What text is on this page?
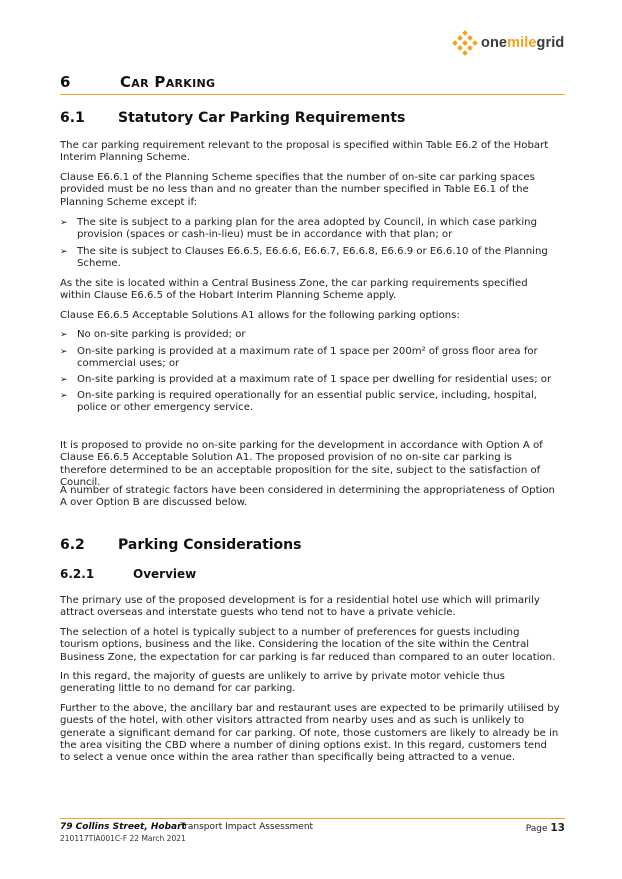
onemilegrid
6	Car Parking
6.1	Statutory Car Parking Requirements
The car parking requirement relevant to the proposal is specified within Table E6.2 of the Hobart Interim Planning Scheme.
Clause E6.6.1 of the Planning Scheme specifies that the number of on-site car parking spaces provided must be no less than and no greater than the number specified in Table E6.1 of the Planning Scheme except if:
➢ The site is subject to a parking plan for the area adopted by Council, in which case parking provision (spaces or cash-in-lieu) must be in accordance with that plan; or
➢ The site is subject to Clauses E6.6.5, E6.6.6, E6.6.7, E6.6.8, E6.6.9 or E6.6.10 of the Planning Scheme.
As the site is located within a Central Business Zone, the car parking requirements specified within Clause E6.6.5 of the Hobart Interim Planning Scheme apply.
Clause E6.6.5 Acceptable Solutions A1 allows for the following parking options:
➢ No on-site parking is provided; or
➢ On-site parking is provided at a maximum rate of 1 space per 200m² of gross floor area for commercial uses; or
➢ On-site parking is provided at a maximum rate of 1 space per dwelling for residential uses; or
➢ On-site parking is required operationally for an essential public service, including, hospital, police or other emergency service.
It is proposed to provide no on-site parking for the development in accordance with Option A of Clause E6.6.5 Acceptable Solution A1. The proposed provision of no on-site car parking is therefore determined to be an acceptable proposition for the site, subject to the satisfaction of Council.
A number of strategic factors have been considered in determining the appropriateness of Option A over Option B are discussed below.
6.2	Parking Considerations
6.2.1	Overview
The primary use of the proposed development is for a residential hotel use which will primarily attract overseas and interstate guests who tend not to have a private vehicle.
The selection of a hotel is typically subject to a number of preferences for guests including tourism options, business and the like. Considering the location of the site within the Central Business Zone, the expectation for car parking is far reduced than compared to an outer location.
In this regard, the majority of guests are unlikely to arrive by private motor vehicle thus generating little to no demand for car parking.
Further to the above, the ancillary bar and restaurant uses are expected to be primarily utilised by guests of the hotel, with other visitors attracted from nearby uses and as such is unlikely to generate a significant demand for car parking. Of note, those customers are likely to already be in the area visiting the CBD where a number of dining options exist. In this regard, customers tend to select a venue once within the area rather than specifically being attracted to a venue.
79 Collins Street, Hobart
Transport Impact Assessment
210117TIA001C-F 22 March 2021
Page 13
